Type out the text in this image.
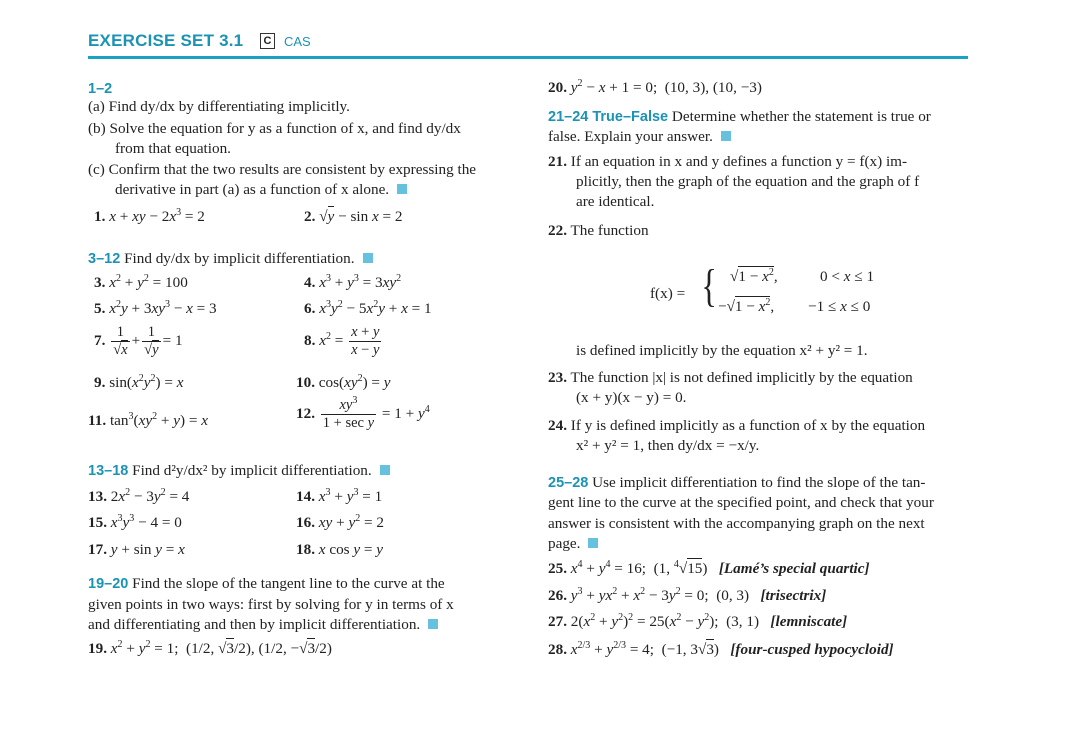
EXERCISE SET 3.1	C CAS
1–2
(a) Find dy/dx by differentiating implicitly.
(b) Solve the equation for y as a function of x, and find dy/dx
from that equation.
(c) Confirm that the two results are consistent by expressing the
derivative in part (a) as a function of x alone.
1. x + xy − $2x^3 = 2$	2. √y − sin x = 2
3–12 Find dy/dx by implicit differentiation.
3. $x^2 + y^2 = 100$	4. $x^3 + y^3 = 3xy^2$
5. $x^2y + 3xy^3 - x = 3$	6. $x^3y^2 - 5x^2y + x = 1$
7. $\frac{1}{√x} + \frac{1}{√y} = 1$	8. $x^2 = \frac{x + y}{x - y}$
9. $\sin(x^2y^2) = x$	10. $\cos(xy^2) = y$
11. $\tan^3(xy^2 + y) = x$	12. $\frac{xy^3}{\text{1 + sec y}} = 1 + y^4$
13–18 Find d²y/dx² by implicit differentiation.
13. $2x^2 - 3y^2 = 4$	14. $x^3 + y^3 = 1$
15. $x^3y^3 - 4 = 0$	16. xy + $y^2 = 2$
17. y + sin y = x	18. x cos y = y
19–20 Find the slope of the tangent line to the curve at the
given points in two ways: first by solving for y in terms of x
and differentiating and then by implicit differentiation.
19. $x^2 + y^2 = 1$;  (1/2, √3/2), (1/2, −√3/2)
20. $y^2 - x + 1 = 0$;  (10, 3), (10, −3)
21–24 True–False Determine whether the statement is true or
false. Explain your answer.
21. If an equation in x and y defines a function y = f(x) im-
plicitly, then the graph of the equation and the graph of f
are identical.
22. The function
f(x) = { $√1 - x^2$,	0 < x ≤ 1
$-√1 - x^2$, −1 ≤ x ≤ 0
is defined implicitly by the equation x² + y² = 1.
23. The function |x| is not defined implicitly by the equation
(x + y)(x − y) = 0.
24. If y is defined implicitly as a function of x by the equation
x² + y² = 1, then dy/dx = −x/y.
25–28 Use implicit differentiation to find the slope of the tan-
gent line to the curve at the specified point, and check that your
answer is consistent with the accompanying graph on the next
page.
25. $x^4 + y^4 = 16$;  (1, $^4$√15)   [Lamé’s special quartic]
26. $y^3 + yx^2 + x^2 - 3y^2 = 0$;  (0, 3)   [trisectrix]
27. $2(x^2 + y^2)^2 = 25(x^2 - y^2)$;  (3, 1)   [lemniscate]
28. $x^{2/3} + y^{2/3} = 4$;  (−1, 3√3)   [four-cusped hypocycloid]
